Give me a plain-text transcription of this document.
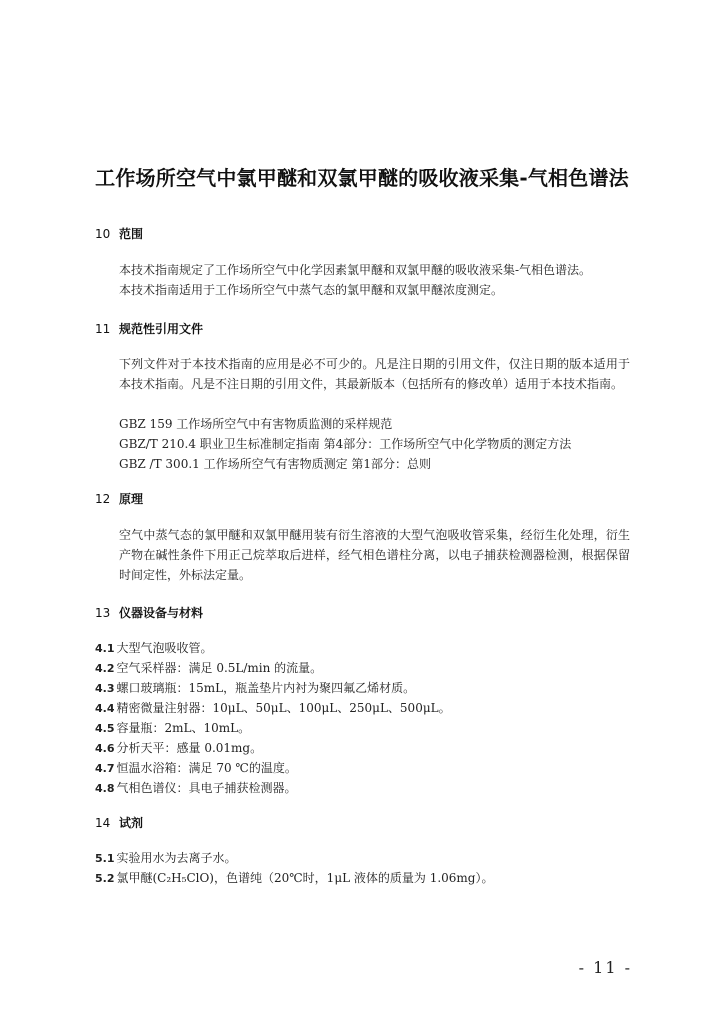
工作场所空气中氯甲醚和双氯甲醚的吸收液采集-气相色谱法
10 范围
本技术指南规定了工作场所空气中化学因素氯甲醚和双氯甲醚的吸收液采集-气相色谱法。
本技术指南适用于工作场所空气中蒸气态的氯甲醚和双氯甲醚浓度测定。
11 规范性引用文件
下列文件对于本技术指南的应用是必不可少的。凡是注日期的引用文件，仅注日期的版本适用于本技术指南。凡是不注日期的引用文件，其最新版本（包括所有的修改单）适用于本技术指南。
GBZ 159 工作场所空气中有害物质监测的采样规范
GBZ/T 210.4 职业卫生标准制定指南 第4部分：工作场所空气中化学物质的测定方法
GBZ /T 300.1 工作场所空气有害物质测定 第1部分：总则
12 原理
空气中蒸气态的氯甲醚和双氯甲醚用装有衍生溶液的大型气泡吸收管采集，经衍生化处理，衍生产物在碱性条件下用正己烷萃取后进样，经气相色谱柱分离，以电子捕获检测器检测，根据保留时间定性，外标法定量。
13 仪器设备与材料
4.1 大型气泡吸收管。
4.2 空气采样器：满足 0.5L/min 的流量。
4.3 螺口玻璃瓶：15mL，瓶盖垫片内衬为聚四氟乙烯材质。
4.4 精密微量注射器：10μL、50μL、100μL、250μL、500μL。
4.5 容量瓶：2mL、10mL。
4.6 分析天平：感量 0.01mg。
4.7 恒温水浴箱：满足 70 ℃的温度。
4.8 气相色谱仪：具电子捕获检测器。
14 试剂
5.1 实验用水为去离子水。
5.2 氯甲醚(C₂H₅ClO)，色谱纯（20℃时，1μL 液体的质量为 1.06mg）。
- 11 -
